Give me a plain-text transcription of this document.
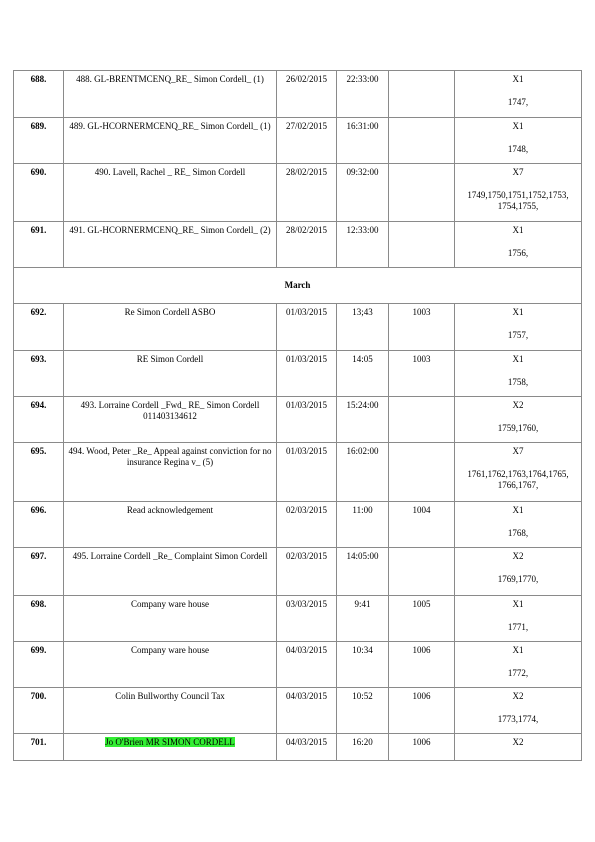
688.	488. GL-BRENTMCENQ_RE_ Simon Cordell_ (1)	26/02/2015	22:33:00		X1
1747,

689.	489. GL-HCORNERMCENQ_RE_ Simon Cordell_ (1)	27/02/2015	16:31:00		X1
1748,

690.	490. Lavell, Rachel _ RE_ Simon Cordell	28/02/2015	09:32:00		X7
1749,1750,1751,1752,1753, 1754,1755,

691.	491. GL-HCORNERMCENQ_RE_ Simon Cordell_ (2)	28/02/2015	12:33:00		X1
1756,

March					
692.	Re Simon Cordell ASBO	01/03/2015	13;43	1003	X1
1757,

693.	RE Simon Cordell	01/03/2015	14:05	1003	X1
1758,

694.	493. Lorraine Cordell _Fwd_ RE_ Simon Cordell 011403134612	01/03/2015	15:24:00		X2
1759,1760,

695.	494. Wood, Peter _Re_ Appeal against conviction for no insurance Regina v_ (5)	01/03/2015	16:02:00		X7
1761,1762,1763,1764,1765, 1766,1767,

696.	Read acknowledgement	02/03/2015	11:00	1004	X1
1768,

697.	495. Lorraine Cordell _Re_ Complaint Simon Cordell	02/03/2015	14:05:00		X2
1769,1770,

698.	Company ware house	03/03/2015	9:41	1005	X1
1771,

699.	Company ware house	04/03/2015	10:34	1006	X1
1772,

700.	Colin Bullworthy Council Tax	04/03/2015	10:52	1006	X2
1773,1774,

701.	Jo O'Brien MR SIMON CORDELL	04/03/2015	16:20	1006	X2
